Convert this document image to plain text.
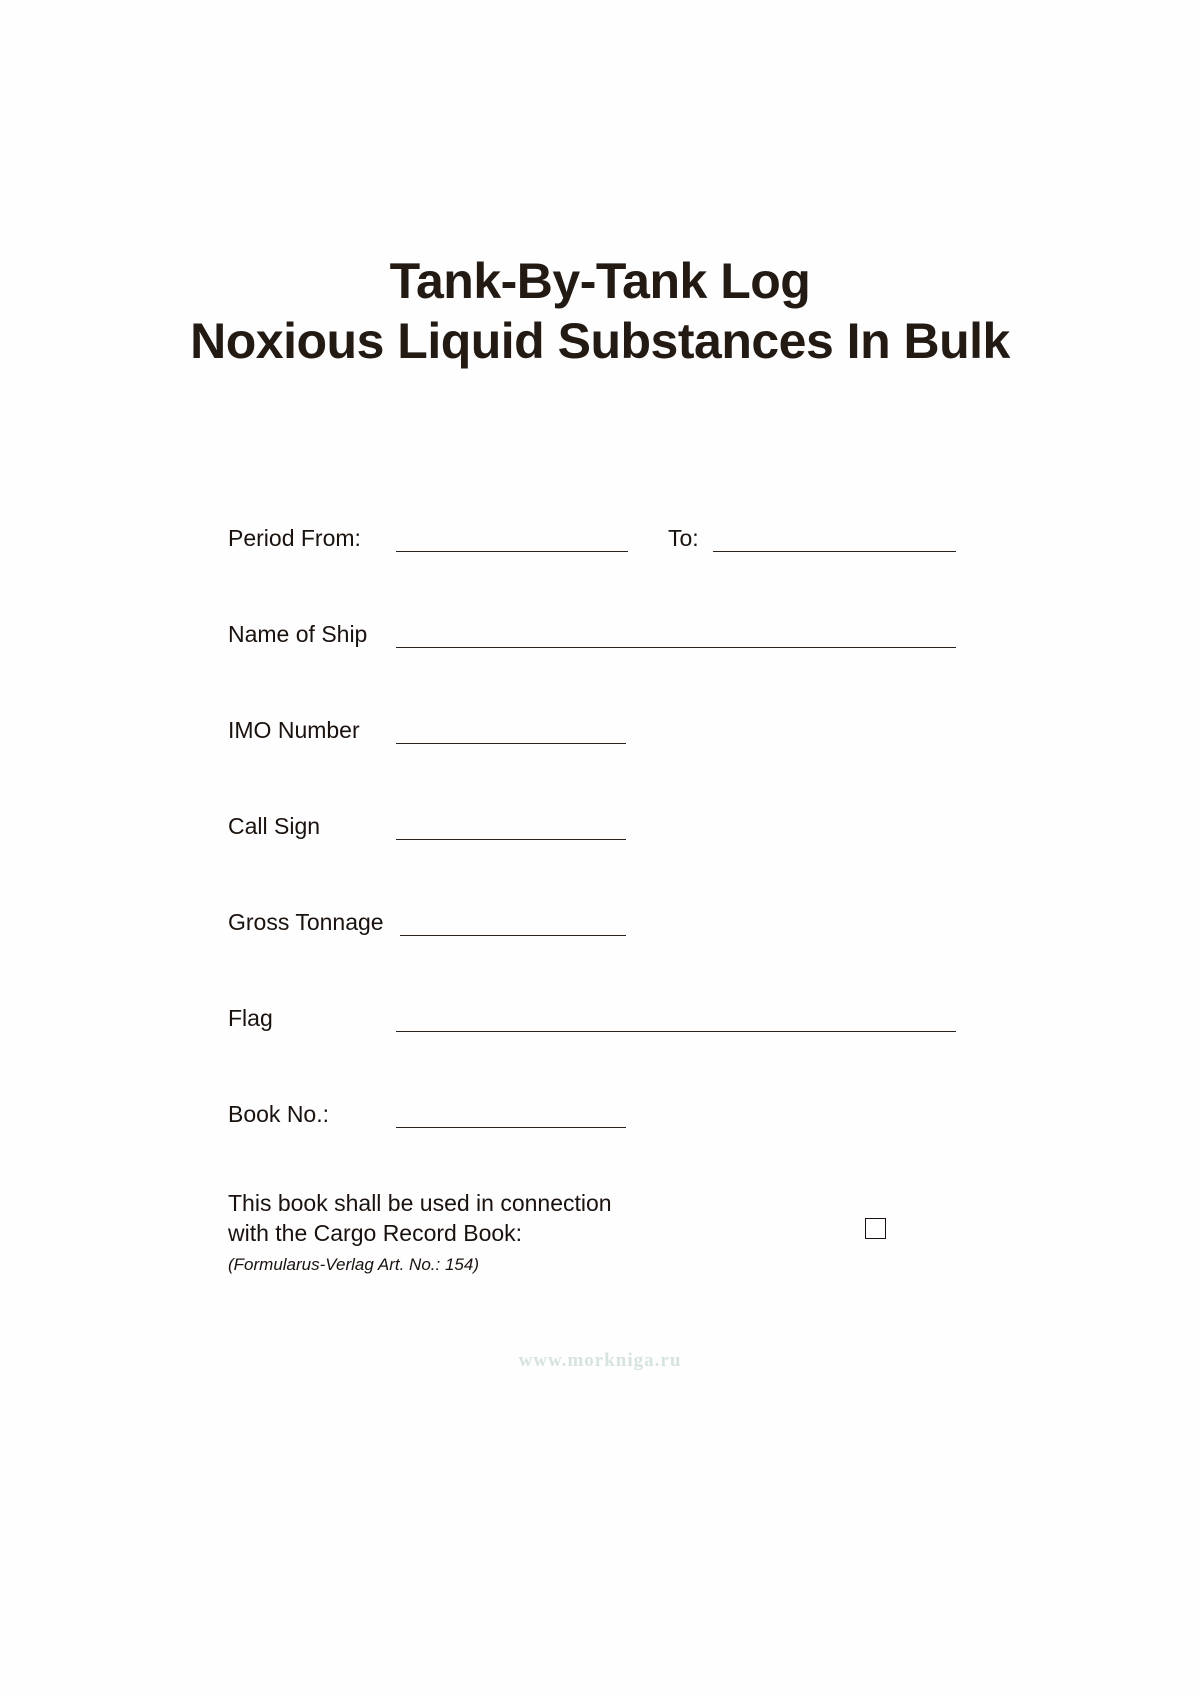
Tank-By-Tank Log
Noxious Liquid Substances In Bulk
Period From:	To:
Name of Ship
IMO Number
Call Sign
Gross Tonnage
Flag
Book No.:
This book shall be used in connection with the Cargo Record Book:
(Formularus-Verlag Art. No.: 154)
www.morkniga.ru
